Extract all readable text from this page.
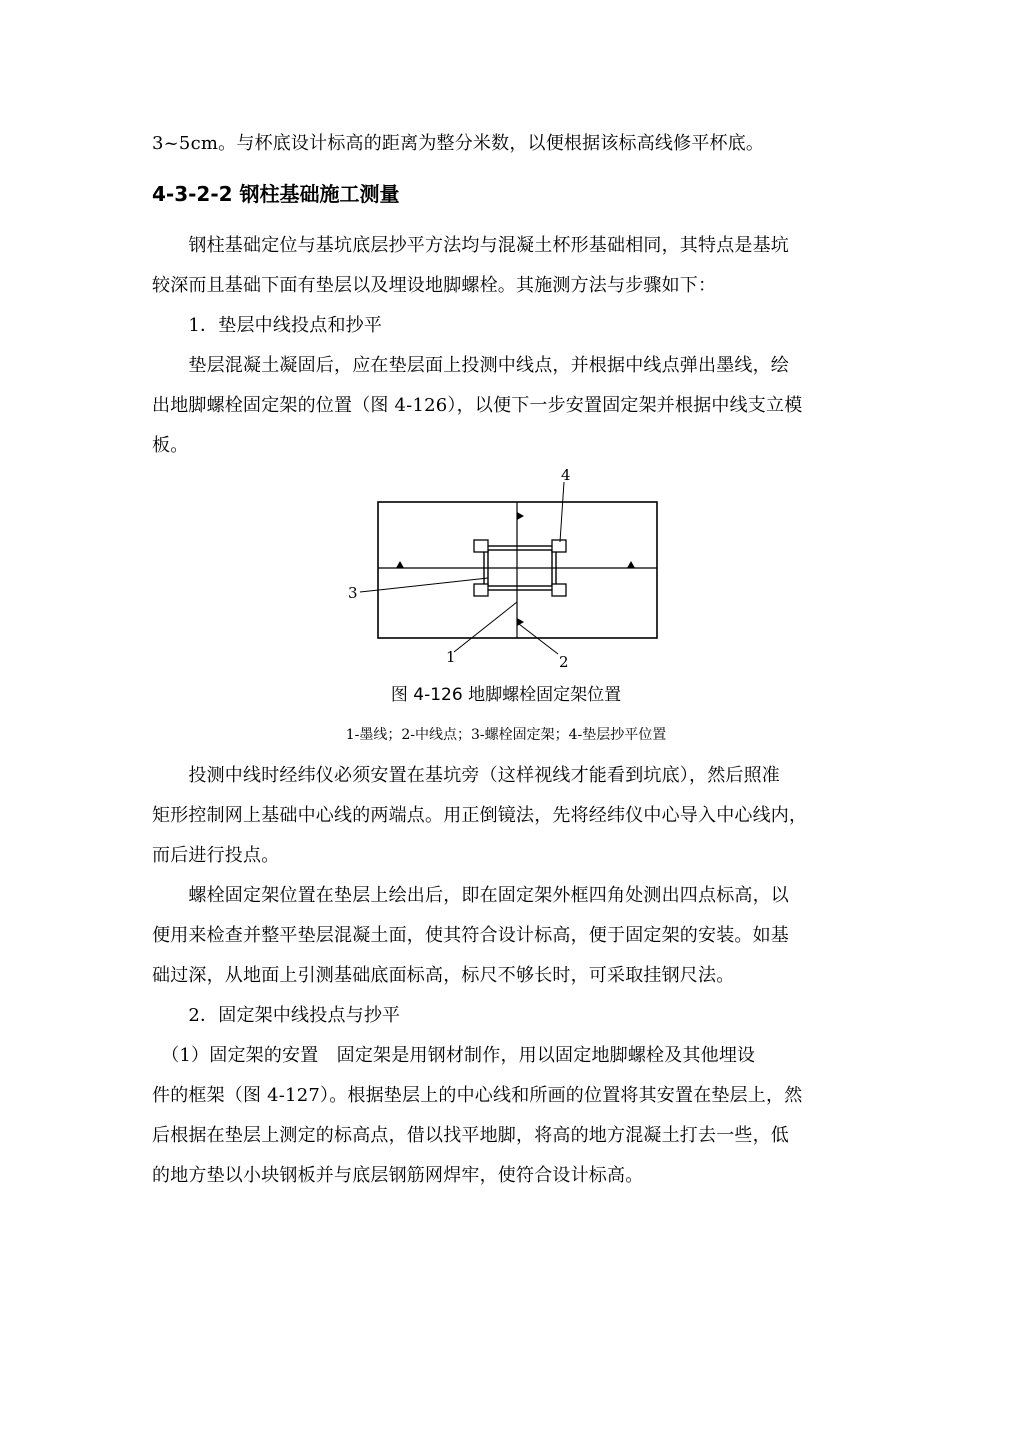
3~5cm。与杯底设计标高的距离为整分米数，以便根据该标高线修平杯底。
4-3-2-2 钢柱基础施工测量
　　钢柱基础定位与基坑底层抄平方法均与混凝土杯形基础相同，其特点是基坑
较深而且基础下面有垫层以及埋设地脚螺栓。其施测方法与步骤如下：
　　1．垫层中线投点和抄平
　　垫层混凝土凝固后，应在垫层面上投测中线点，并根据中线点弹出墨线，绘
出地脚螺栓固定架的位置（图 4-126），以便下一步安置固定架并根据中线支立模
板。
4
3
1	2
图 4-126 地脚螺栓固定架位置
1-墨线；2-中线点；3-螺栓固定架；4-垫层抄平位置
　　投测中线时经纬仪必须安置在基坑旁（这样视线才能看到坑底），然后照准
矩形控制网上基础中心线的两端点。用正倒镜法，先将经纬仪中心导入中心线内，
而后进行投点。
　　螺栓固定架位置在垫层上绘出后，即在固定架外框四角处测出四点标高，以
便用来检查并整平垫层混凝土面，使其符合设计标高，便于固定架的安装。如基
础过深，从地面上引测基础底面标高，标尺不够长时，可采取挂钢尺法。
　　2．固定架中线投点与抄平
　（1）固定架的安置　固定架是用钢材制作，用以固定地脚螺栓及其他埋设
件的框架（图 4-127）。根据垫层上的中心线和所画的位置将其安置在垫层上，然
后根据在垫层上测定的标高点，借以找平地脚，将高的地方混凝土打去一些，低
的地方垫以小块钢板并与底层钢筋网焊牢，使符合设计标高。
